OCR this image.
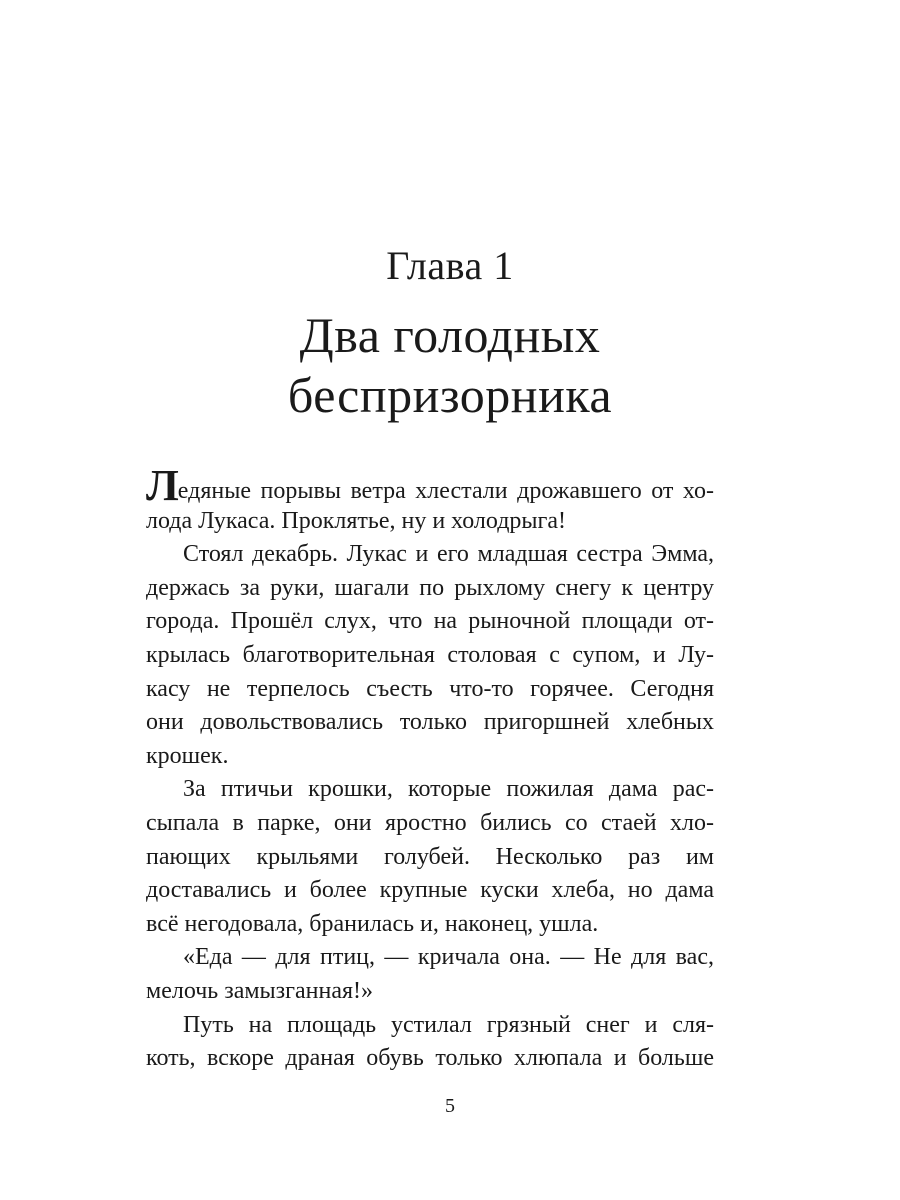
Глава 1
Два голодных
беспризорника
Ледяные порывы ветра хлестали дрожавшего от хо-
лода Лукаса. Проклятье, ну и холодрыга!
Стоял декабрь. Лукас и его младшая сестра Эмма,
держась за руки, шагали по рыхлому снегу к центру
города. Прошёл слух, что на рыночной площади от-
крылась благотворительная столовая с супом, и Лу-
касу не терпелось съесть что-то горячее. Сегодня
они довольствовались только пригоршней хлебных
крошек.
За птичьи крошки, которые пожилая дама рас-
сыпала в парке, они яростно бились со стаей хло-
пающих крыльями голубей. Несколько раз им
доставались и более крупные куски хлеба, но дама
всё негодовала, бранилась и, наконец, ушла.
«Еда — для птиц, — кричала она. — Не для вас,
мелочь замызганная!»
Путь на площадь устилал грязный снег и сля-
коть, вскоре драная обувь только хлюпала и больше
5
